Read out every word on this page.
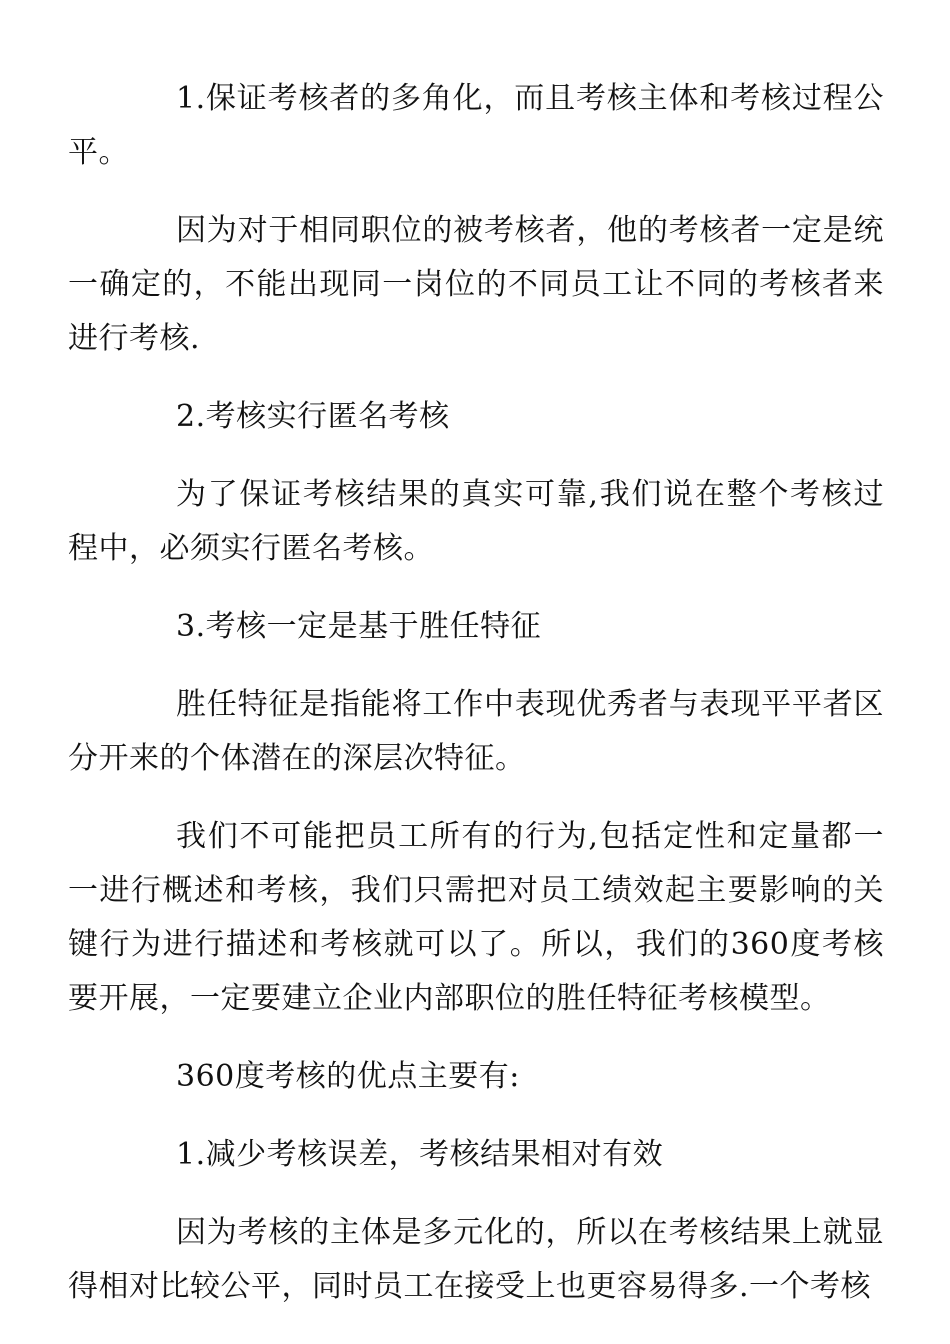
1.保证考核者的多角化，而且考核主体和考核过程公平。

因为对于相同职位的被考核者，他的考核者一定是统一确定的，不能出现同一岗位的不同员工让不同的考核者来进行考核.

2.考核实行匿名考核

为了保证考核结果的真实可靠,我们说在整个考核过程中，必须实行匿名考核。

3.考核一定是基于胜任特征

胜任特征是指能将工作中表现优秀者与表现平平者区分开来的个体潜在的深层次特征。

我们不可能把员工所有的行为,包括定性和定量都一一进行概述和考核，我们只需把对员工绩效起主要影响的关键行为进行描述和考核就可以了。所以，我们的360度考核要开展，一定要建立企业内部职位的胜任特征考核模型。

360度考核的优点主要有:

1.减少考核误差，考核结果相对有效

因为考核的主体是多元化的，所以在考核结果上就显得相对比较公平，同时员工在接受上也更容易得多.一个考核
